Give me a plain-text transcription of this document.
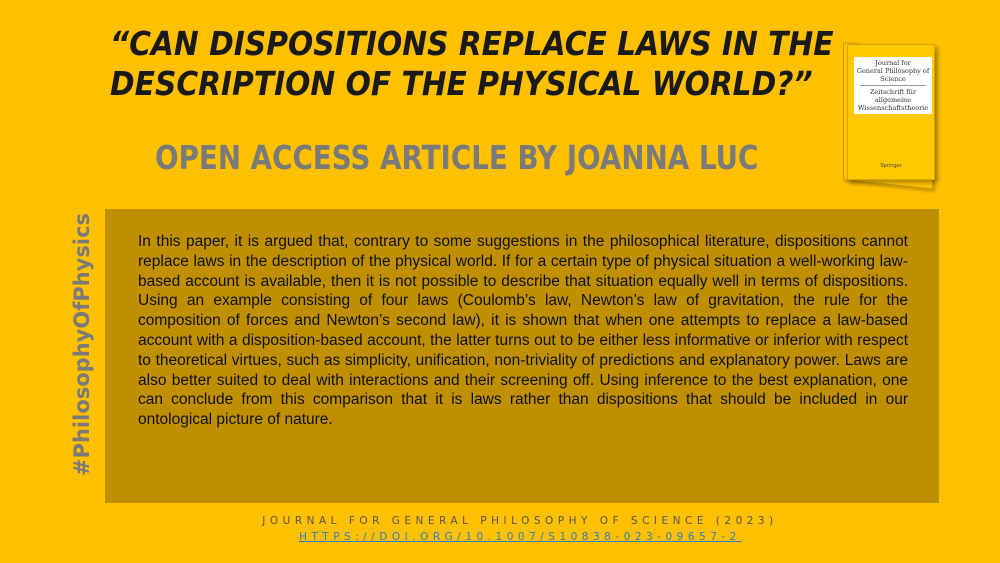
“CAN DISPOSITIONS REPLACE LAWS IN THE
DESCRIPTION OF THE PHYSICAL WORLD?”
OPEN ACCESS ARTICLE BY JOANNA LUC
Journal for
General Philosophy of Science
Zeitschrift für
allgemeine Wissenschaftstheorie
Springer
#PhilosophyOfPhysics	In this paper, it is argued that, contrary to some suggestions in the philosophical literature, dispositions cannot replace laws in the description of the physical world. If for a certain type of physical situation a well-working law-based account is available, then it is not possible to describe that situation equally well in terms of dispositions. Using an example consisting of four laws (Coulomb’s law, Newton’s law of gravitation, the rule for the composition of forces and Newton’s second law), it is shown that when one attempts to replace a law-based account with a disposition-based account, the latter turns out to be either less informative or inferior with respect to theoretical virtues, such as simplicity, unification, non-triviality of predictions and explanatory power. Laws are also better suited to deal with interactions and their screening off. Using inference to the best explanation, one can conclude from this comparison that it is laws rather than dispositions that should be included in our ontological picture of nature.
JOURNAL FOR GENERAL PHILOSOPHY OF SCIENCE (2023)
HTTPS://DOI.ORG/10.1007/S10838-023-09657-2
